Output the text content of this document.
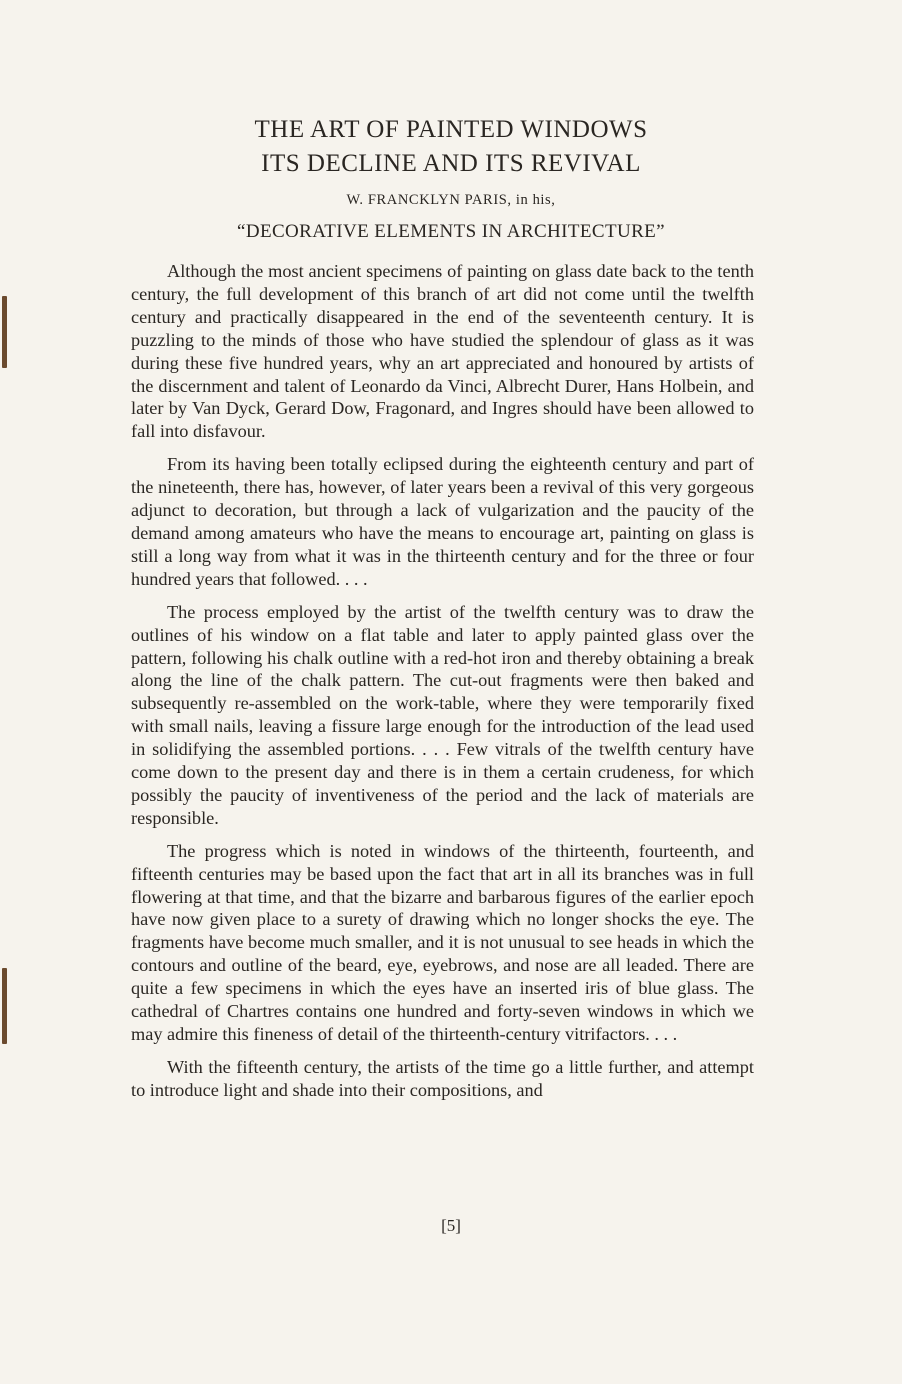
THE ART OF PAINTED WINDOWS
ITS DECLINE AND ITS REVIVAL
W. FRANCKLYN PARIS, in his,
“DECORATIVE ELEMENTS IN ARCHITECTURE”

Although the most ancient specimens of painting on glass date back to the tenth century, the full development of this branch of art did not come until the twelfth century and practically disappeared in the end of the seventeenth century. It is puzzling to the minds of those who have studied the splendour of glass as it was during these five hundred years, why an art appreciated and honoured by artists of the discernment and talent of Leonardo da Vinci, Albrecht Durer, Hans Holbein, and later by Van Dyck, Gerard Dow, Fragonard, and Ingres should have been allowed to fall into disfavour.

From its having been totally eclipsed during the eighteenth century and part of the nineteenth, there has, however, of later years been a revival of this very gorgeous adjunct to decoration, but through a lack of vulgarization and the paucity of the demand among amateurs who have the means to encourage art, painting on glass is still a long way from what it was in the thirteenth century and for the three or four hundred years that followed. . . .

The process employed by the artist of the twelfth century was to draw the outlines of his window on a flat table and later to apply painted glass over the pattern, following his chalk outline with a red-hot iron and thereby obtaining a break along the line of the chalk pattern. The cut-out fragments were then baked and subsequently re-assembled on the work-table, where they were temporarily fixed with small nails, leaving a fissure large enough for the introduction of the lead used in solidifying the assembled portions. . . . Few vitrals of the twelfth century have come down to the present day and there is in them a certain crudeness, for which possibly the paucity of inventiveness of the period and the lack of materials are responsible.

The progress which is noted in windows of the thirteenth, fourteenth, and fifteenth centuries may be based upon the fact that art in all its branches was in full flowering at that time, and that the bizarre and barbarous figures of the earlier epoch have now given place to a surety of drawing which no longer shocks the eye. The fragments have become much smaller, and it is not unusual to see heads in which the contours and outline of the beard, eye, eyebrows, and nose are all leaded. There are quite a few specimens in which the eyes have an inserted iris of blue glass. The cathedral of Chartres contains one hundred and forty-seven windows in which we may admire this fineness of detail of the thirteenth-century vitrifactors. . . .

With the fifteenth century, the artists of the time go a little further, and attempt to introduce light and shade into their compositions, and

[5]
